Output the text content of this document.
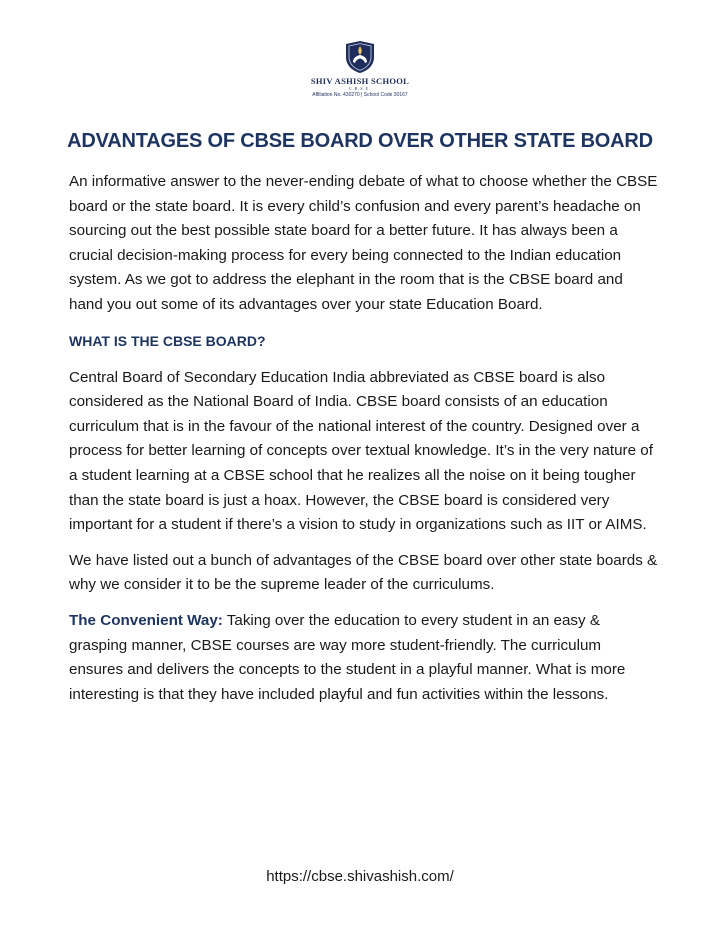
SHIV ASHISH SCHOOL
C.B.S.E.
Affiliation No. 430270 | School Code 30167
ADVANTAGES OF CBSE BOARD OVER OTHER STATE BOARD

An informative answer to the never-ending debate of what to choose whether the CBSE board or the state board. It is every child’s confusion and every parent’s headache on sourcing out the best possible state board for a better future. It has always been a crucial decision-making process for every being connected to the Indian education system. As we got to address the elephant in the room that is the CBSE board and hand you out some of its advantages over your state Education Board.

WHAT IS THE CBSE BOARD?

Central Board of Secondary Education India abbreviated as CBSE board is also considered as the National Board of India. CBSE board consists of an education curriculum that is in the favour of the national interest of the country. Designed over a process for better learning of concepts over textual knowledge. It’s in the very nature of a student learning at a CBSE school that he realizes all the noise on it being tougher than the state board is just a hoax. However, the CBSE board is considered very important for a student if there’s a vision to study in organizations such as IIT or AIMS.

We have listed out a bunch of advantages of the CBSE board over other state boards & why we consider it to be the supreme leader of the curriculums.

The Convenient Way: Taking over the education to every student in an easy & grasping manner, CBSE courses are way more student-friendly. The curriculum ensures and delivers the concepts to the student in a playful manner. What is more interesting is that they have included playful and fun activities within the lessons.

https://cbse.shivashish.com/
